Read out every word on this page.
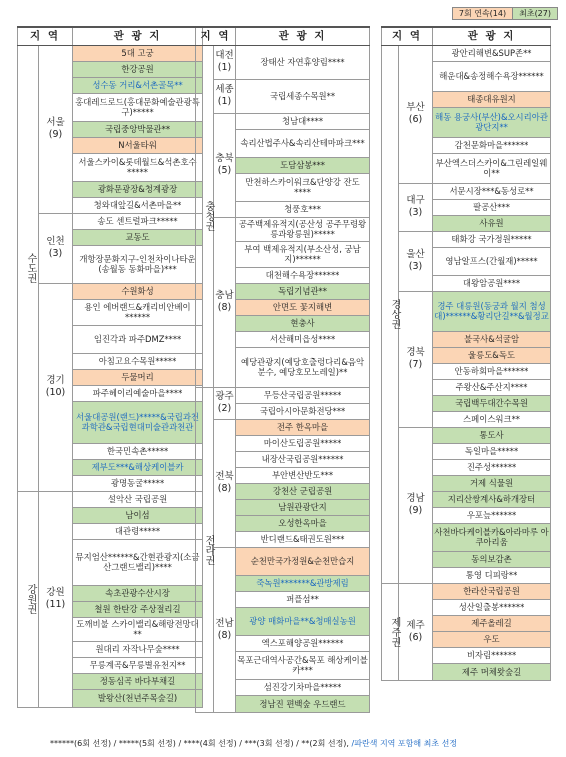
7회 연속(14)	최초(27)
지 역		관 광 지

수도권	서울
(9)	5대 고궁
		한강공원
		성수동 거리&서촌골목**
		홍대레드로드(홍대문화예술관광특구)*****
		국립중앙박물관**
		N서울타워
		서울스카이&롯데월드&석촌호수*****
		광화문광장&청계광장
		청와대앞길&서촌마을**
	인천
(3)	송도 센트럴파크*****
		교동도
		개항장문화지구-인천차이나타운 (송월동 동화마을)***
	경기
(10)	수원화성
		용인 에버랜드&캐리비안베이******
		임진각과 파주DMZ****
		아침고요수목원*****
		두물머리
		파주헤이리예술마을****
		서울대공원(랜드)*****&국립과천과학관&국립현대미술관과천관
		한국민속촌*****
		제부도***&해상케이블카
		광명동굴*****

강원권	강원
(11)	설악산 국립공원
		남이섬
		대관령*****
		뮤지엄산******&간현관광지(소금산그랜드밸리)****
		속초관광수산시장
		철원 한탄강 주상절리길
		도깨비불 스카이밸리&해랑전망대**
		원대리 자작나무숲****
		무릉계곡&무릉별유천지**
		정동심곡 바다부채길
		발왕산(천년주목숲길)
지 역		관 광 지

충청권	대전
(1)	장태산 자연휴양림****
	세종
(1)	국립세종수목원**
	충북
(5)	청남대****
		속리산법주사&속리산테마파크***
		도담삼봉***
		만천하스카이워크&단양강 잔도****
		청풍호***
	충남
(8)	공주백제유적지(공산성 공주무령왕릉과왕릉원)*****
		부여 백제유적지(부소산성, 궁남지)******
		대천해수욕장******
		독립기념관**
		안면도 꽃지해변
		현충사
		서산해미읍성****
		예당관광지(예당호출렁다리&음악분수, 예당호모노레일)**

전라권	광주
(2)	무등산국립공원*****
		국립아시아문화전당***
	전북
(8)	전주 한옥마을
		마이산도립공원*****
		내장산국립공원******
		부안변산반도***
		강천산 군립공원
		남원관광단지
		오성한옥마을
		반디랜드&태권도원***
	전남
(8)	순천만국가정원&순천만습지
		죽녹원*******&관방제림
		퍼플섬**
		광양 매화마을**&청매실농원
		엑스포해양공원******
		목포근대역사공간&목포 해상케이블카***
		섬진강기차마을*****
		정남진 편백숲 우드랜드
지 역		관 광 지

경상권	부산
(6)	광안리해변&SUP존**
		해운대&송정해수욕장******
		태종대유원지
		해동 용궁사(부산)&오시리아관광단지**
		감천문화마을******
		부산엑스더스카이&그린레일웨이**
	대구
(3)	서문시장***&동성로**
		팔공산***
		사유원
	울산
(3)	태화강 국가정원*****
		영남알프스(간월재)*****
		대왕암공원****
	경북
(7)	경주 대릉원(동궁과 월지 첨성대)******&황리단길**&월정교
		불국사&석굴암
		울릉도&독도
		안동하회마을******
		주왕산&주산지****
		국립백두대간수목원
		스페이스워크**
	경남
(9)	통도사
		독일마을*****
		진주성******
		거제 식물원
		지리산쌍계사&하개장터
		우포늪******
		사천바다케이블카&아라마루 아쿠아리움
		동의보감촌
		통영 디피랑**

제주권	제주
(6)	한라산국립공원
		성산일출봉******
		제주올레길
		우도
		비자림******
		제주 머체왓숲길
******(6회 선정) / *****(5회 선정) / ****(4회 선정) / ***(3회 선정) / **(2회 선정), /파란색 지역 포함해 최초 선정
